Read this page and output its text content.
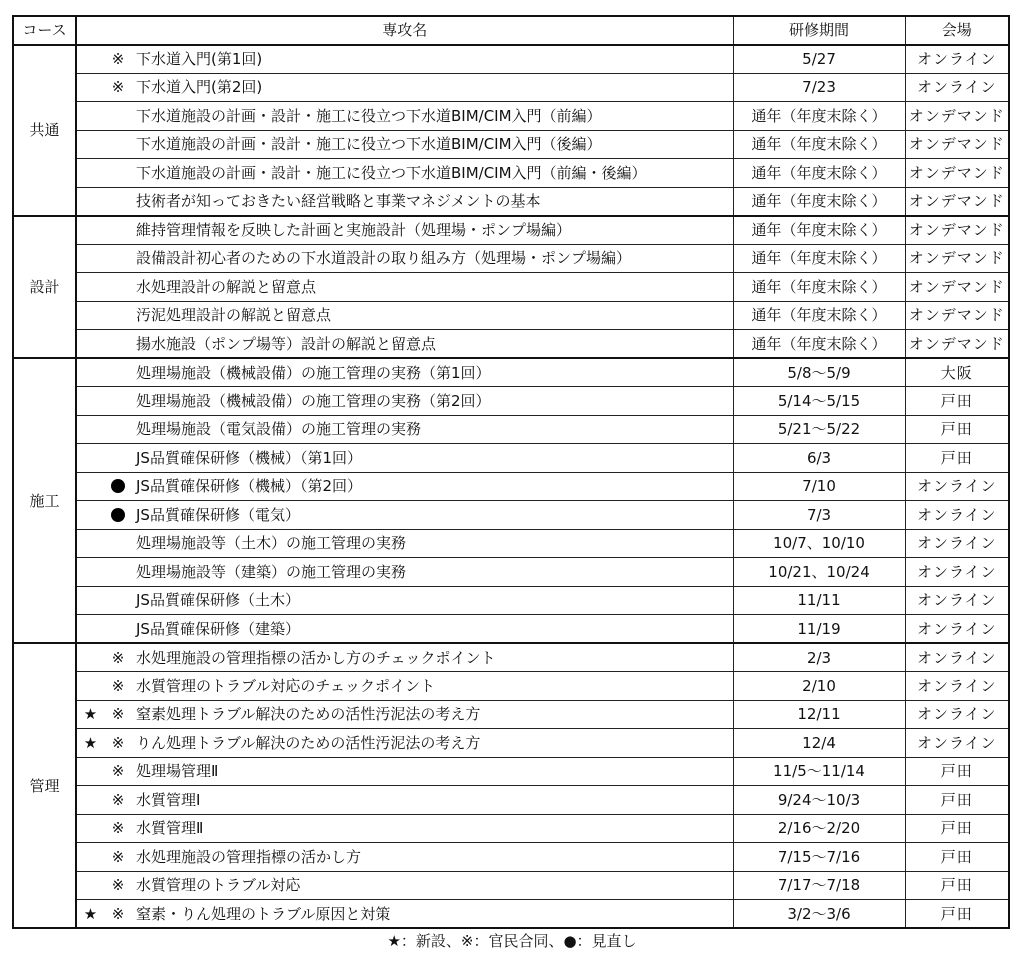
コース	専攻名			研修期間	会場
共通		※	下水道入門(第1回)	5/27	オンライン
		※	下水道入門(第2回)	7/23	オンライン
			下水道施設の計画・設計・施工に役立つ下水道BIM/CIM入門（前編）	通年（年度末除く）	オンデマンド
			下水道施設の計画・設計・施工に役立つ下水道BIM/CIM入門（後編）	通年（年度末除く）	オンデマンド
			下水道施設の計画・設計・施工に役立つ下水道BIM/CIM入門（前編・後編）	通年（年度末除く）	オンデマンド
			技術者が知っておきたい経営戦略と事業マネジメントの基本	通年（年度末除く）	オンデマンド
設計			維持管理情報を反映した計画と実施設計（処理場・ポンプ場編）	通年（年度末除く）	オンデマンド
			設備設計初心者のための下水道設計の取り組み方（処理場・ポンプ場編）	通年（年度末除く）	オンデマンド
			水処理設計の解説と留意点	通年（年度末除く）	オンデマンド
			汚泥処理設計の解説と留意点	通年（年度末除く）	オンデマンド
			揚水施設（ポンプ場等）設計の解説と留意点	通年（年度末除く）	オンデマンド
施工			処理場施設（機械設備）の施工管理の実務（第1回）	5/8～5/9	大阪
			処理場施設（機械設備）の施工管理の実務（第2回）	5/14～5/15	戸田
			処理場施設（電気設備）の施工管理の実務	5/21～5/22	戸田
			JS品質確保研修（機械）（第1回）	6/3	戸田
			JS品質確保研修（機械）（第2回）	7/10	オンライン
			JS品質確保研修（電気）	7/3	オンライン
			処理場施設等（土木）の施工管理の実務	10/7、10/10	オンライン
			処理場施設等（建築）の施工管理の実務	10/21、10/24	オンライン
			JS品質確保研修（土木）	11/11	オンライン
			JS品質確保研修（建築）	11/19	オンライン
管理		※	水処理施設の管理指標の活かし方のチェックポイント	2/3	オンライン
		※	水質管理のトラブル対応のチェックポイント	2/10	オンライン
	★	※	窒素処理トラブル解決のための活性汚泥法の考え方	12/11	オンライン
	★	※	りん処理トラブル解決のための活性汚泥法の考え方	12/4	オンライン
		※	処理場管理Ⅱ	11/5～11/14	戸田
		※	水質管理Ⅰ	9/24～10/3	戸田
		※	水質管理Ⅱ	2/16～2/20	戸田
		※	水処理施設の管理指標の活かし方	7/15～7/16	戸田
		※	水質管理のトラブル対応	7/17～7/18	戸田
	★	※	窒素・りん処理のトラブル原因と対策	3/2～3/6	戸田
★：新設、※：官民合同、●：見直し
